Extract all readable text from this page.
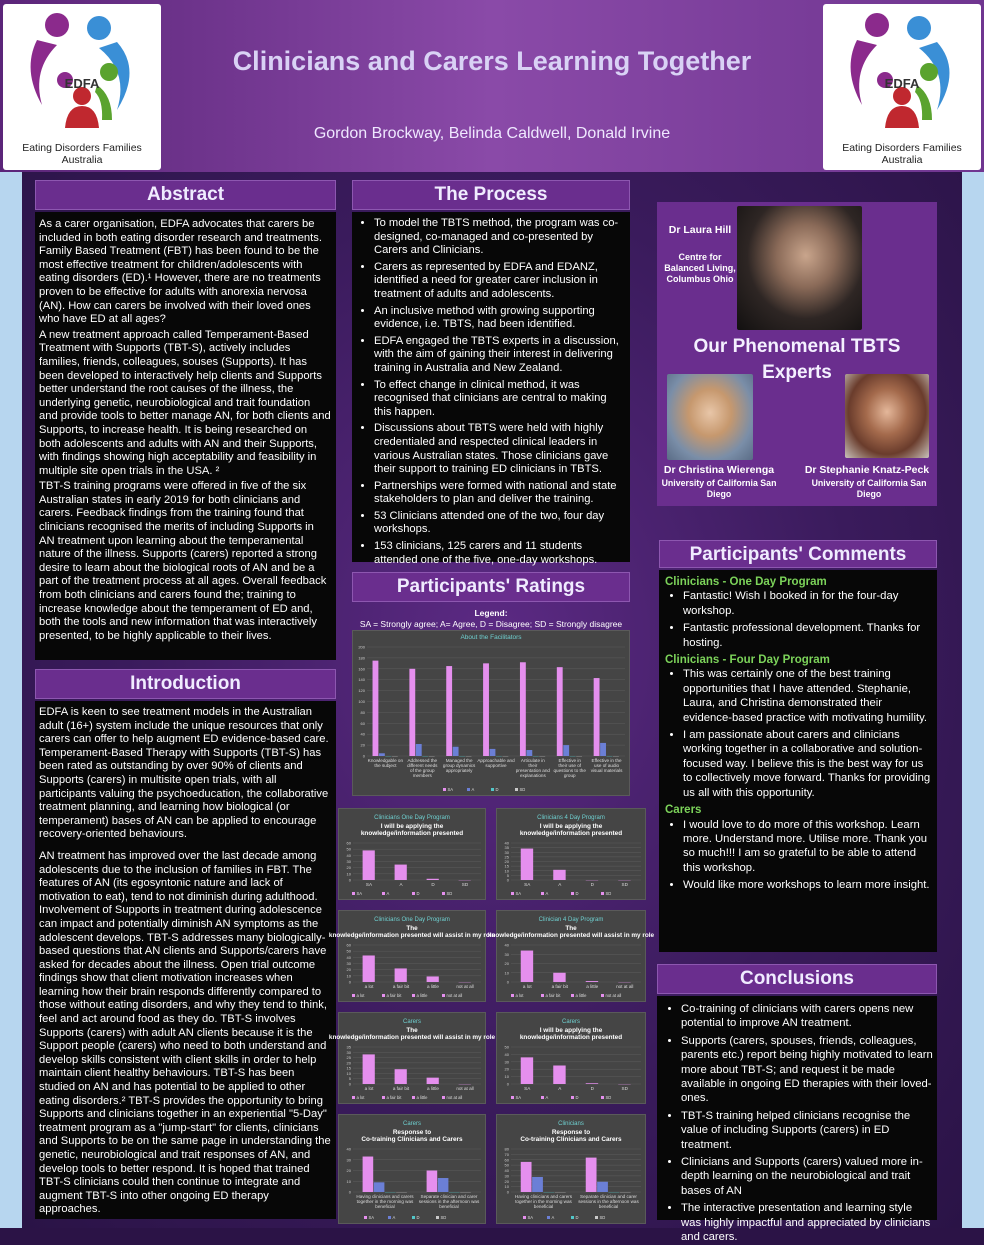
EDFA
Eating Disorders Families Australia
Clinicians and Carers Learning Together
Gordon Brockway, Belinda Caldwell, Donald Irvine
EDFA
Eating Disorders Families Australia
Abstract

As a carer organisation, EDFA advocates that carers be included in both eating disorder research and treatments. Family Based Treatment (FBT) has been found to be the most effective treatment for children/adolescents with eating disorders (ED).¹ However, there are no treatments proven to be effective for adults with anorexia nervosa (AN). How can carers be involved with their loved ones who have ED at all ages?

A new treatment approach called Temperament-Based Treatment with Supports (TBT-S), actively includes families, friends, colleagues, souses (Supports). It has been developed to interactively help clients and Supports better understand the root causes of the illness, the underlying genetic, neurobiological and trait foundation and provide tools to better manage AN, for both clients and Supports, to increase health. It is being researched on both adolescents and adults with AN and their Supports, with findings showing high acceptability and feasibility in multiple site open trials in the USA. ²

TBT-S training programs were offered in five of the six Australian states in early 2019 for both clinicians and carers. Feedback findings from the training found that clinicians recognised the merits of including Supports in AN treatment upon learning about the temperamental nature of the illness. Supports (carers) reported a strong desire to learn about the biological roots of AN and be a part of the treatment process at all ages. Overall feedback from both clinicians and carers found the; training to increase knowledge about the temperament of ED and, both the tools and new information that was interactively presented, to be highly applicable to their lives.

Introduction

EDFA is keen to see treatment models in the Australian adult (16+) system include the unique resources that only carers can offer to help augment ED evidence-based care. Temperament-Based Therapy with Supports (TBT-S) has been rated as outstanding by over 90% of clients and Supports (carers) in multisite open trials, with all participants valuing the psychoeducation, the collaborative treatment planning, and learning how biological (or temperament) bases of AN can be applied to encourage recovery-oriented behaviours.

AN treatment has improved over the last decade among adolescents due to the inclusion of families in FBT. The features of AN (its egosyntonic nature and lack of motivation to eat), tend to not diminish during adulthood. Involvement of Supports in treatment during adolescence can impact and potentially diminish AN symptoms as the adolescent develops. TBT-S addresses many biologically-based questions that AN clients and Supports/carers have asked for decades about the illness. Open trial outcome findings show that client motivation increases when learning how their brain responds differently compared to those without eating disorders, and why they tend to think, feel and act around food as they do. TBT-S involves Supports (carers) with adult AN clients because it is the Support people (carers) who need to both understand and develop skills consistent with client skills in order to help maintain client healthy behaviours. TBT-S has been studied on AN and has potential to be applied to other eating disorders.² TBT-S provides the opportunity to bring Supports and clinicians together in an experiential "5-Day" treatment program as a "jump-start" for clients, clinicians and Supports to be on the same page in understanding the genetic, neurobiological and trait responses of AN, and develop tools to better respond. It is hoped that trained TBT-S clinicians could then continue to integrate and augment TBT-S into other ongoing ED therapy approaches.

The Process
• To model the TBTS method, the program was co-designed, co-managed and co-presented by Carers and Clinicians.
• Carers as represented by EDFA and EDANZ, identified a need for greater carer inclusion in treatment of adults and adolescents.
• An inclusive method with growing supporting evidence, i.e. TBTS, had been identified.
• EDFA engaged the TBTS experts in a discussion, with the aim of gaining their interest in delivering training in Australia and New Zealand.
• To effect change in clinical method, it was recognised that clinicians are central to making this happen.
• Discussions about TBTS were held with highly credentialed and respected clinical leaders in various Australian states. Those clinicians gave their support to training ED clinicians in TBTS.
• Partnerships were formed with national and state stakeholders to plan and deliver the training.
• 53 Clinicians attended one of the two, four day workshops.
• 153 clinicians, 125 carers and 11 students attended one of the five, one-day workshops.
Participants' Ratings
Legend:
SA = Strongly agree; A= Agree, D = Disagree; SD = Strongly disagree
About the Facilitators
0
20
40
60
80
100
120
140
160
180
200
Knowledgable on the subject
Addressed the different needs of the group members
Managed the group dynamics appropriately
Approachable and supportive
Articulate in their presentation and explanations
Effective in their use of questions to the group
Effective in the use of audio visual materials
SA	A	D	SD
Clinicians One Day Program
I will be applying the knowledge/information presented
0
10
20
30
40
50
60
SA	A	D	SD
SA	A	D	SD
Clinicians 4 Day Program
I will be applying the knowledge/information presented
0
5
10
15
20
25
30
35
40
SA	A	D	SD
SA	A	D	SD
Clinicians One Day Program
The knowledge/information presented will assist in my role
0
10
20
30
40
50
60
a lot	a fair bit	a little	not at all
a lot	a fair bit	a little	not at all
Clinician 4 Day Program
The knowledge/information presented will assist in my role
0
10
20
30
40
a lot	a fair bit	a little	not at all
a lot	a fair bit	a little	not at all
Carers
The knowledge/information presented will assist in my role
0
5
10
15
20
25
30
35
a lot	a fair bit	a little	not at all
a lot	a fair bit	a little	not at all
Carers
I will be applying the knowledge/information presented
0
10
20
30
40
50
SA	A	D	SD
SA	A	D	SD
Carers
Response to Co-training Clinicians and Carers
0
10
20
30
40
Having clinicians and carers together in the morning was beneficial
Separate clinician and carer sessions in the afternoon was beneficial
SA	A	D	SD
Clinicians
Response to Co-training Clinicians and Carers
0
10
20
30
40
50
60
70
80
Having clinicians and carers together in the morning was beneficial
Separate clinician and carer sessions in the afternoon was beneficial
SA	A	D	SD
Dr Laura Hill
Centre for Balanced Living, Columbus Ohio
Our Phenomenal TBTS Experts
Dr Christina Wierenga
University of California San Diego
Dr Stephanie Knatz-Peck
University of California San Diego
Participants' Comments
Clinicians - One Day Program
• Fantastic! Wish I booked in for the four-day workshop.
• Fantastic professional development. Thanks for hosting.
Clinicians - Four Day Program
• This was certainly one of the best training opportunities that I have attended. Stephanie, Laura, and Christina demonstrated their evidence-based practice with motivating humility.
• I am passionate about carers and clinicians working together in a collaborative and solution-focused way. I believe this is the best way for us to collectively move forward. Thanks for providing us all with this opportunity.
Carers
• I would love to do more of this workshop. Learn more. Understand more. Utilise more. Thank you so much!!! I am so grateful to be able to attend this workshop.
• Would like more workshops to learn more insight.
Conclusions
• Co-training of clinicians with carers opens new potential to improve AN treatment.
• Supports (carers, spouses, friends, colleagues, parents etc.) report being highly motivated to learn more about TBT-S; and request it be made available in ongoing ED therapies with their loved-ones.
• TBT-S training helped clinicians recognise the value of including Supports (carers) in ED treatment.
• Clinicians and Supports (carers) valued more in-depth learning on the neurobiological and trait bases of AN
• The interactive presentation and learning style was highly impactful and appreciated by clinicians and carers.
